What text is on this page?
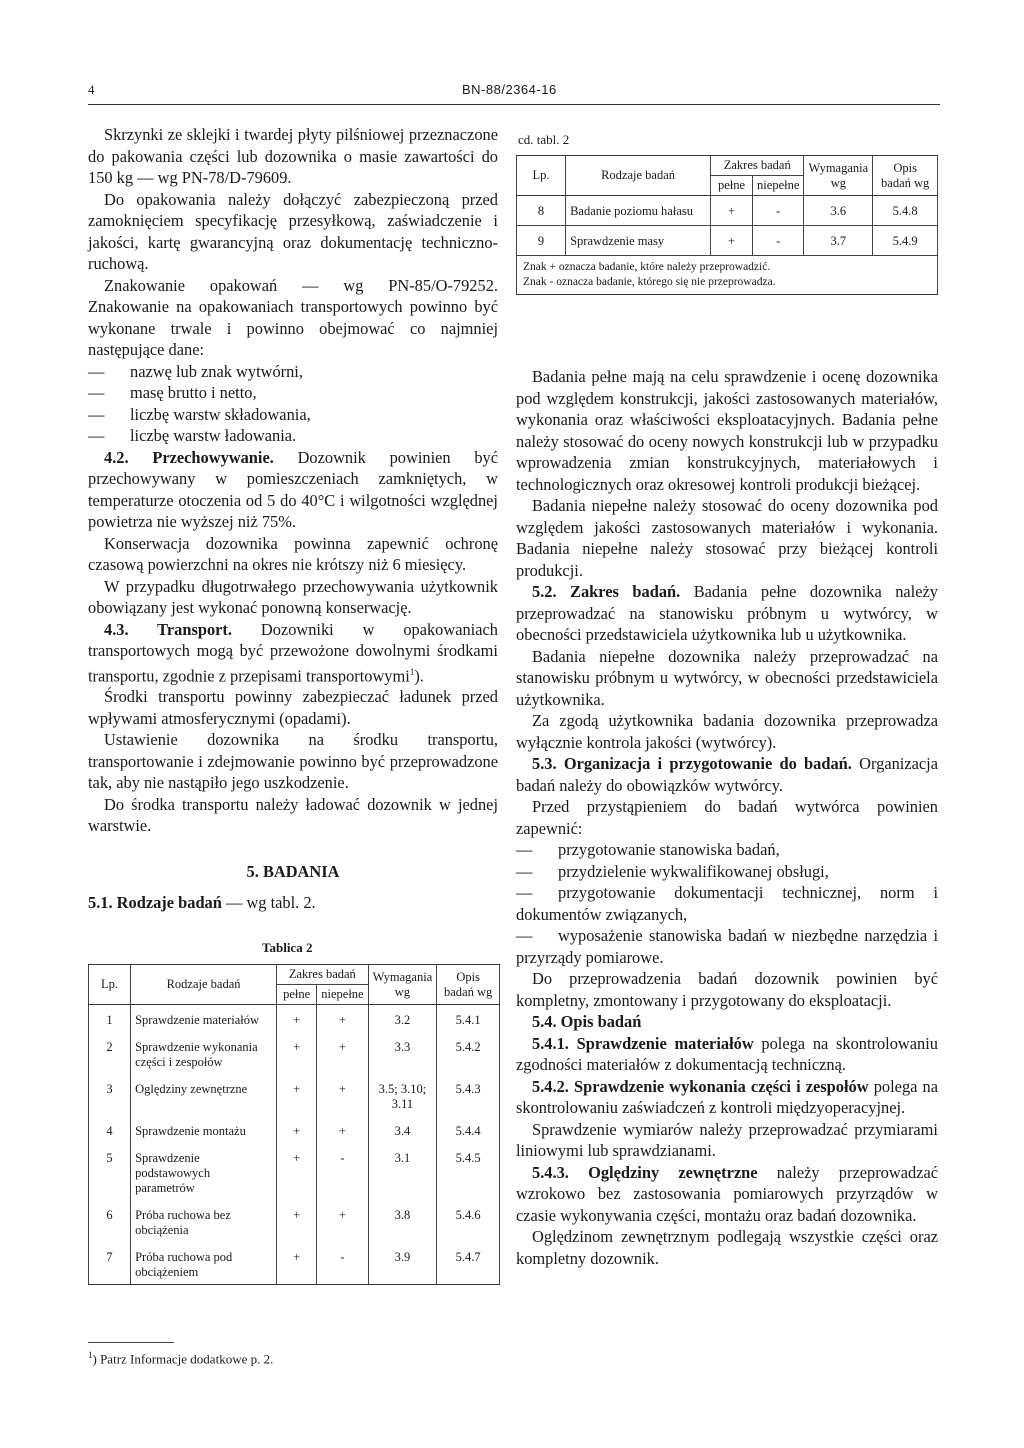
4	BN-88/2364-16

Skrzynki ze sklejki i twardej płyty pilśniowej przeznaczone do pakowania części lub dozownika o masie zawartości do 150 kg — wg PN-78/D-79609.

Do opakowania należy dołączyć zabezpieczoną przed zamoknięciem specyfikację przesyłkową, zaświadczenie i jakości, kartę gwarancyjną oraz dokumentację techniczno-ruchową.

Znakowanie opakowań — wg PN-85/O-79252. Znakowanie na opakowaniach transportowych powinno być wykonane trwale i powinno obejmować co najmniej następujące dane:

— nazwę lub znak wytwórni,

— masę brutto i netto,

— liczbę warstw składowania,

— liczbę warstw ładowania.

4.2. Przechowywanie. Dozownik powinien być przechowywany w pomieszczeniach zamkniętych, w temperaturze otoczenia od 5 do 40°C i wilgotności względnej powietrza nie wyższej niż 75%.

Konserwacja dozownika powinna zapewnić ochronę czasową powierzchni na okres nie krótszy niż 6 miesięcy.

W przypadku długotrwałego przechowywania użytkownik obowiązany jest wykonać ponowną konserwację.

4.3. Transport. Dozowniki w opakowaniach transportowych mogą być przewożone dowolnymi środkami transportu, zgodnie z przepisami transportowymi$^1$).

Środki transportu powinny zabezpieczać ładunek przed wpływami atmosferycznymi (opadami).

Ustawienie dozownika na środku transportu, transportowanie i zdejmowanie powinno być przeprowadzone tak, aby nie nastąpiło jego uszkodzenie.

Do środka transportu należy ładować dozownik w jednej warstwie.

5. BADANIA

5.1. Rodzaje badań — wg tabl. 2.

Tablica 2
Lp.	Rodzaje badań	Zakres badań		Wymagania wg	Opis badań wg
		pełne	niepełne		
1	Sprawdzenie materiałów	+	+	3.2	5.4.1
2	Sprawdzenie wykonania części i zespołów	+	+	3.3	5.4.2
3	Oględziny zewnętrzne	+	+	3.5; 3.10; 3.11	5.4.3
4	Sprawdzenie montażu	+	+	3.4	5.4.4
5	Sprawdzenie podstawowych parametrów	+	-	3.1	5.4.5
6	Próba ruchowa bez obciążenia	+	+	3.8	5.4.6
7	Próba ruchowa pod obciążeniem	+	-	3.9	5.4.7
$^1$) Patrz Informacje dodatkowe p. 2.
cd. tabl. 2
Lp.	Rodzaje badań	Zakres badań		Wymagania wg	Opis badań wg
		pełne	niepełne		
8	Badanie poziomu hałasu	+	-	3.6	5.4.8
9	Sprawdzenie masy	+	-	3.7	5.4.9

Znak + oznacza badanie, które należy przeprowadzić.
Znak - oznacza badanie, którego się nie przeprowadza.					

Badania pełne mają na celu sprawdzenie i ocenę dozownika pod względem konstrukcji, jakości zastosowanych materiałów, wykonania oraz właściwości eksploatacyjnych. Badania pełne należy stosować do oceny nowych konstrukcji lub w przypadku wprowadzenia zmian konstrukcyjnych, materiałowych i technologicznych oraz okresowej kontroli produkcji bieżącej.

Badania niepełne należy stosować do oceny dozownika pod względem jakości zastosowanych materiałów i wykonania. Badania niepełne należy stosować przy bieżącej kontroli produkcji.

5.2. Zakres badań. Badania pełne dozownika należy przeprowadzać na stanowisku próbnym u wytwórcy, w obecności przedstawiciela użytkownika lub u użytkownika.

Badania niepełne dozownika należy przeprowadzać na stanowisku próbnym u wytwórcy, w obecności przedstawiciela użytkownika.

Za zgodą użytkownika badania dozownika przeprowadza wyłącznie kontrola jakości (wytwórcy).

5.3. Organizacja i przygotowanie do badań. Organizacja badań należy do obowiązków wytwórcy.

Przed przystąpieniem do badań wytwórca powinien zapewnić:

— przygotowanie stanowiska badań,

— przydzielenie wykwalifikowanej obsługi,

— przygotowanie dokumentacji technicznej, norm i dokumentów związanych,

— wyposażenie stanowiska badań w niezbędne narzędzia i przyrządy pomiarowe.

Do przeprowadzenia badań dozownik powinien być kompletny, zmontowany i przygotowany do eksploatacji.

5.4. Opis badań

5.4.1. Sprawdzenie materiałów polega na skontrolowaniu zgodności materiałów z dokumentacją techniczną.

5.4.2. Sprawdzenie wykonania części i zespołów polega na skontrolowaniu zaświadczeń z kontroli międzyoperacyjnej.

Sprawdzenie wymiarów należy przeprowadzać przymiarami liniowymi lub sprawdzianami.

5.4.3. Oględziny zewnętrzne należy przeprowadzać wzrokowo bez zastosowania pomiarowych przyrządów w czasie wykonywania części, montażu oraz badań dozownika.

Oględzinom zewnętrznym podlegają wszystkie części oraz kompletny dozownik.
